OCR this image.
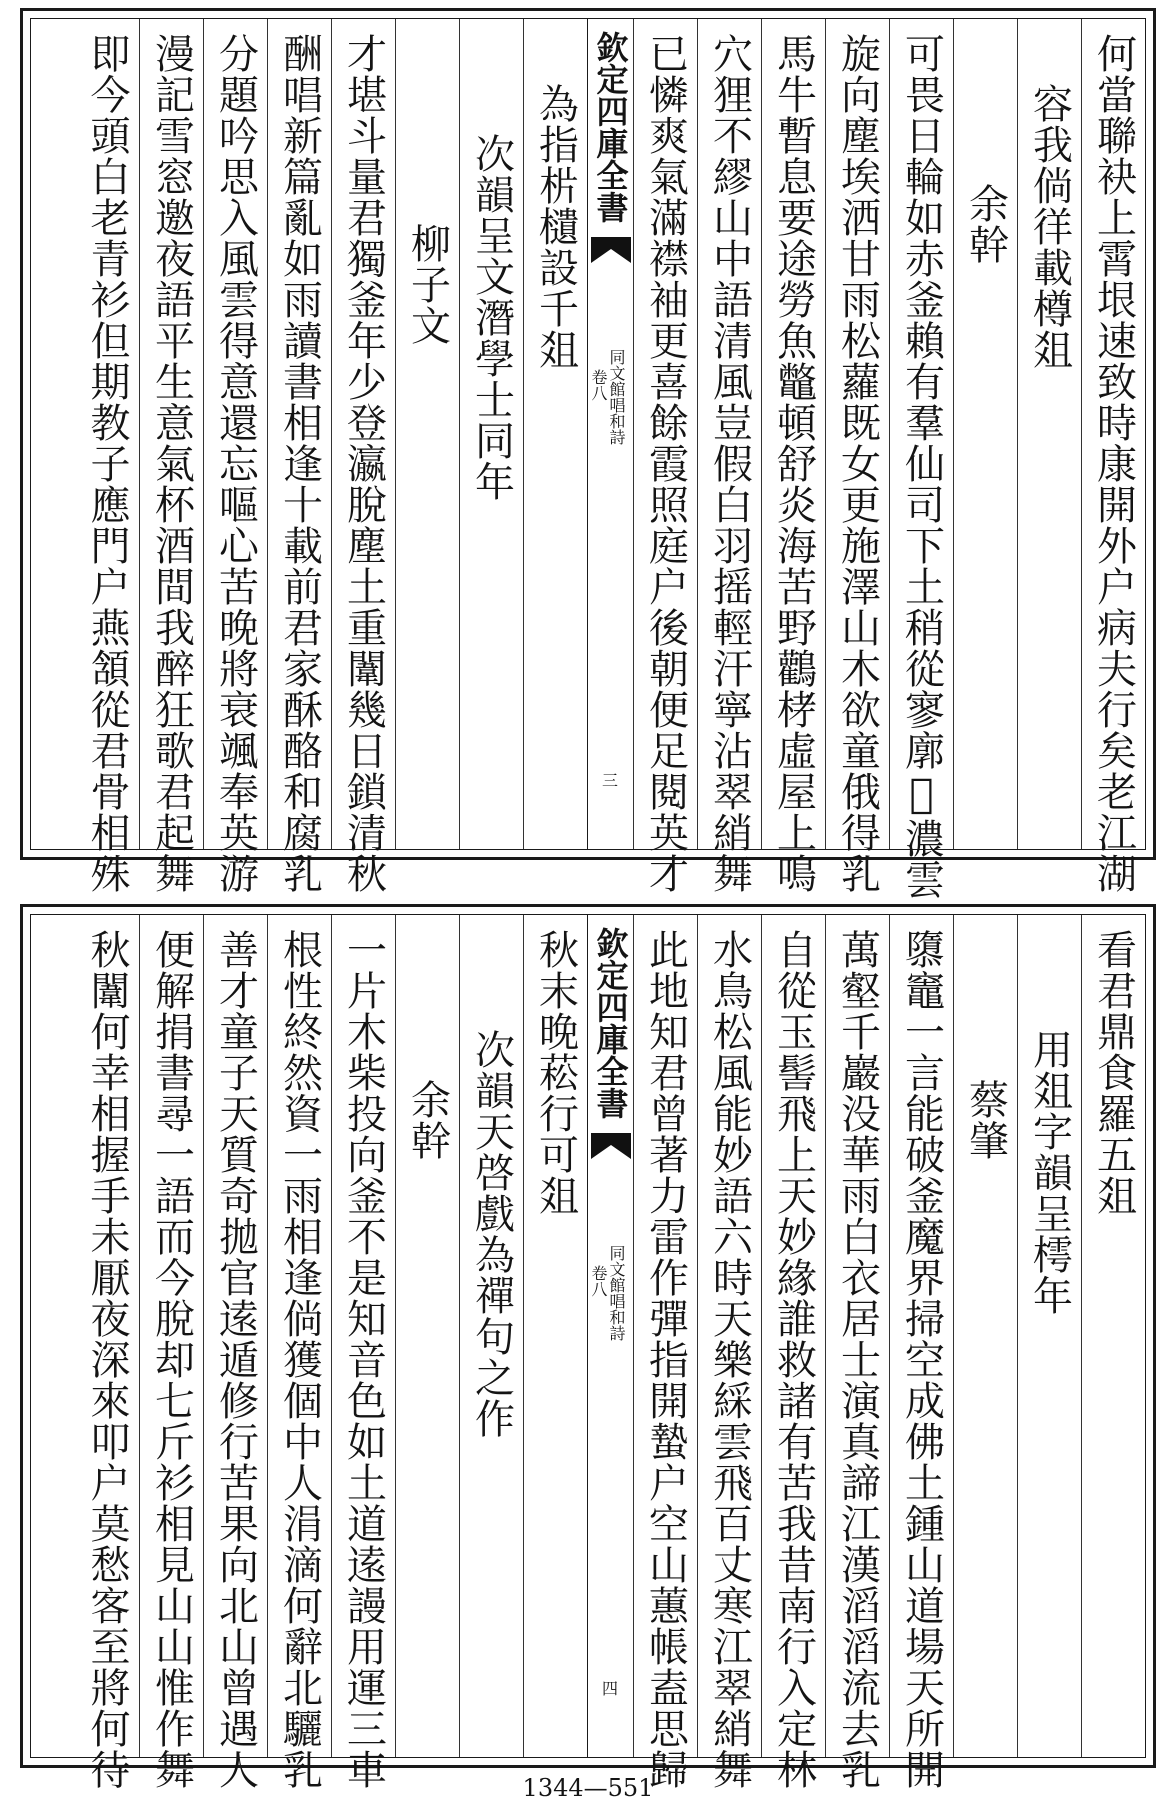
何當聯袂上霄垠速致時康開外户病夫行矣老江湖
容我倘徉載樽爼
余幹
可畏日輪如赤釜賴有羣仙司下土稍從寥廓𣻳濃雲
旋向塵埃洒甘雨松蘿既女更施澤山木欲童俄得乳
馬牛暫息要途勞魚鼈頓舒炎海苦野鸛𣑥虛屋上鳴
穴狸不繆山中語清風豈假白羽摇輕汗寧沾翠綃舞
已憐爽氣滿襟袖更喜餘霞照庭户後朝便足閱英才
欽定四庫全書
同文館唱和詩
卷八
三
為指㭊𣟧設千爼
次韻呈文潛學士同年
柳子文
才堪斗量君獨釜年少登瀛脫塵土重闈幾日鎖清秋
酬唱新篇亂如雨讀書相逢十載前君家酥酪和腐乳
分題吟思入風雲得意還忘嘔心苦晚將衰颯奉英游
漫記雪窓邀夜語平生意氣杯酒間我醉狂歌君起舞
即今頭白老青衫但期教子應門户燕頷從君骨相殊
看君鼎食羅五爼
用爼字韻呈樗年
蔡肇
隳竈一言能破釜魔界掃空成佛土鍾山道場天所開
萬壑千巖没華雨白衣居士演真諦江漢滔滔流去乳
自從玉髻飛上天妙緣誰救諸有苦我昔南行入定林
水鳥松風能妙語六時天樂綵雲飛百丈寒江翠綃舞
此地知君曾著力雷作彈指開蟄户空山蕙帳盍思歸
欽定四庫全書
同文館唱和詩
卷八
四
秋末晚菘行可爼
次韻天啓戲為禪句之作
余幹
一片木柴投向釜不是知音色如土道逺謾用運三車
根性終然資一雨相逢倘獲個中人涓滴何辭北驪乳
善才童子天質奇拋官逺遁修行苦果向北山曾遇人
便解捐書尋一語而今脫却七斤衫相見山山惟作舞
秋闈何幸相握手未厭夜深來叩户莫愁客至將何待	1344—551
